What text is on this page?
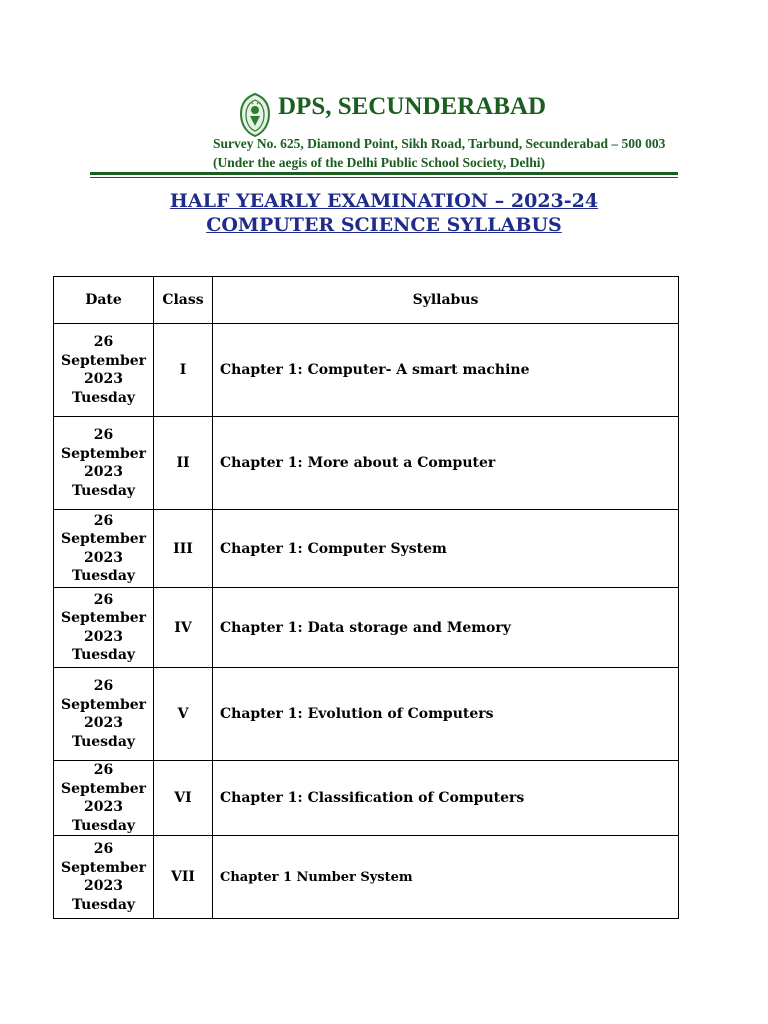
DPS, SECUNDERABAD
Survey No. 625, Diamond Point, Sikh Road, Tarbund, Secunderabad – 500 003
(Under the aegis of the Delhi Public School Society, Delhi)
HALF YEARLY EXAMINATION – 2023-24
COMPUTER SCIENCE SYLLABUS
Date	Class	Syllabus

26
September
2023
Tuesday	I	Chapter 1: Computer- A smart machine

26
September
2023
Tuesday	II	Chapter 1: More about a Computer

26
September
2023
Tuesday	III	Chapter 1: Computer System

26
September
2023
Tuesday	IV	Chapter 1: Data storage and Memory

26
September
2023
Tuesday	V	Chapter 1: Evolution of Computers

26
September
2023
Tuesday	VI	Chapter 1: Classification of Computers

26
September
2023
Tuesday	VII	Chapter 1 Number System
